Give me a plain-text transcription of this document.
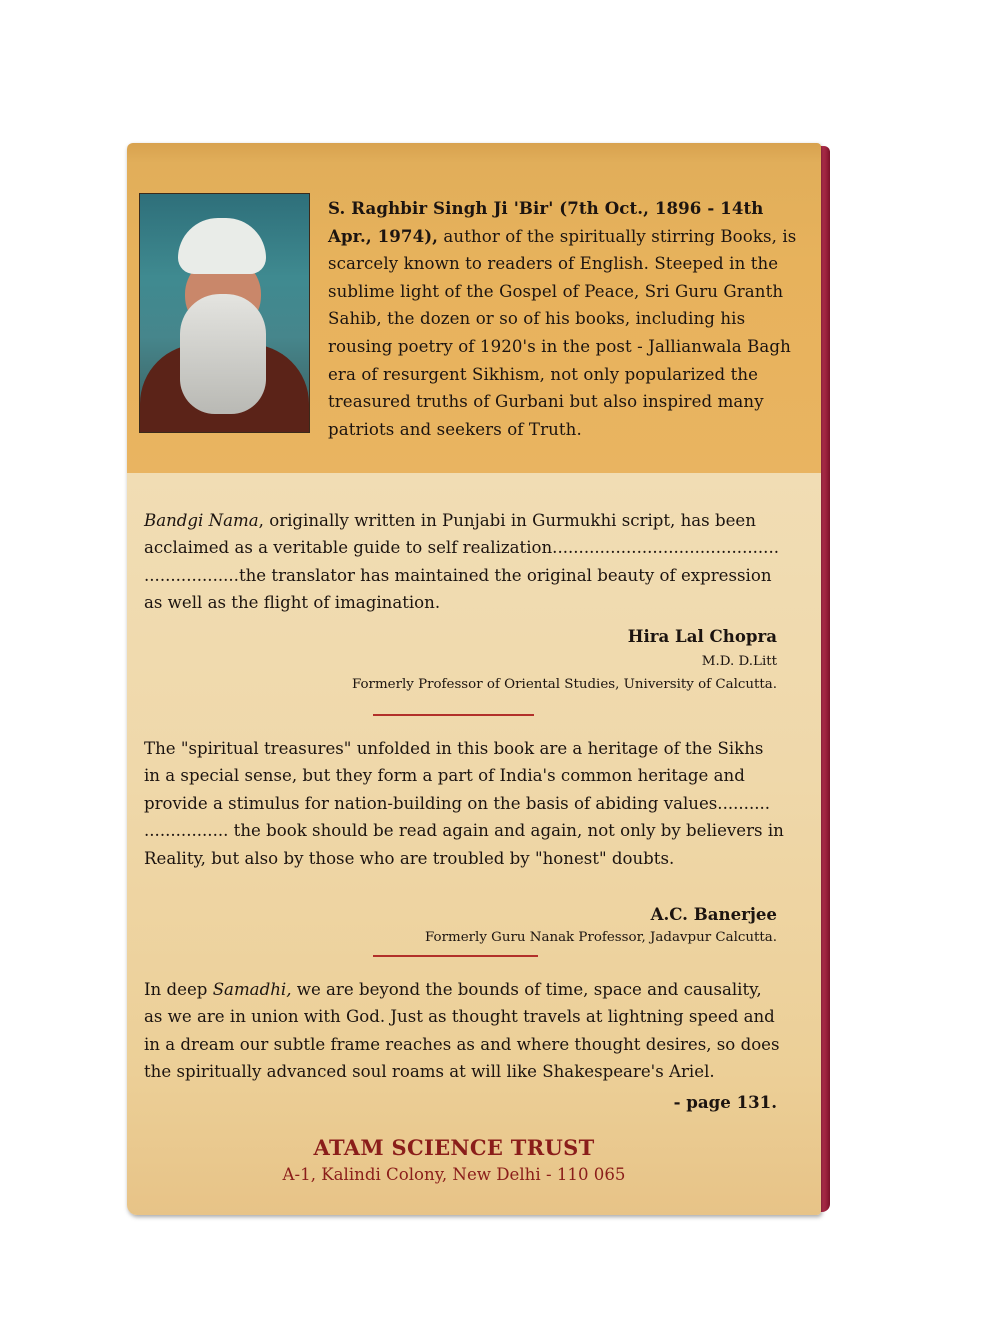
S. Raghbir Singh Ji 'Bir' (7th Oct., 1896 - 14th Apr., 1974), author of the spiritually stirring Books, is scarcely known to readers of English. Steeped in the sublime light of the Gospel of Peace, Sri Guru Granth Sahib, the dozen or so of his books, including his rousing poetry of 1920's in the post - Jallianwala Bagh era of resurgent Sikhism, not only popularized the treasured truths of Gurbani but also inspired many patriots and seekers of Truth.

Bandgi Nama, originally written in Punjabi in Gurmukhi script, has been acclaimed as a veritable guide to self realization........................................... ..................the translator has maintained the original beauty of expression as well as the flight of imagination.

Hira Lal Chopra

M.D. D.Litt

Formerly Professor of Oriental Studies, University of Calcutta.

The "spiritual treasures" unfolded in this book are a heritage of the Sikhs in a special sense, but they form a part of India's common heritage and provide a stimulus for nation-building on the basis of abiding values.......... ................ the book should be read again and again, not only by believers in Reality, but also by those who are troubled by "honest" doubts.

A.C. Banerjee

Formerly Guru Nanak Professor, Jadavpur Calcutta.

In deep Samadhi, we are beyond the bounds of time, space and causality, as we are in union with God. Just as thought travels at lightning speed and in a dream our subtle frame reaches as and where thought desires, so does the spiritually advanced soul roams at will like Shakespeare's Ariel.

- page 131.

ATAM SCIENCE TRUST

A-1, Kalindi Colony, New Delhi - 110 065
